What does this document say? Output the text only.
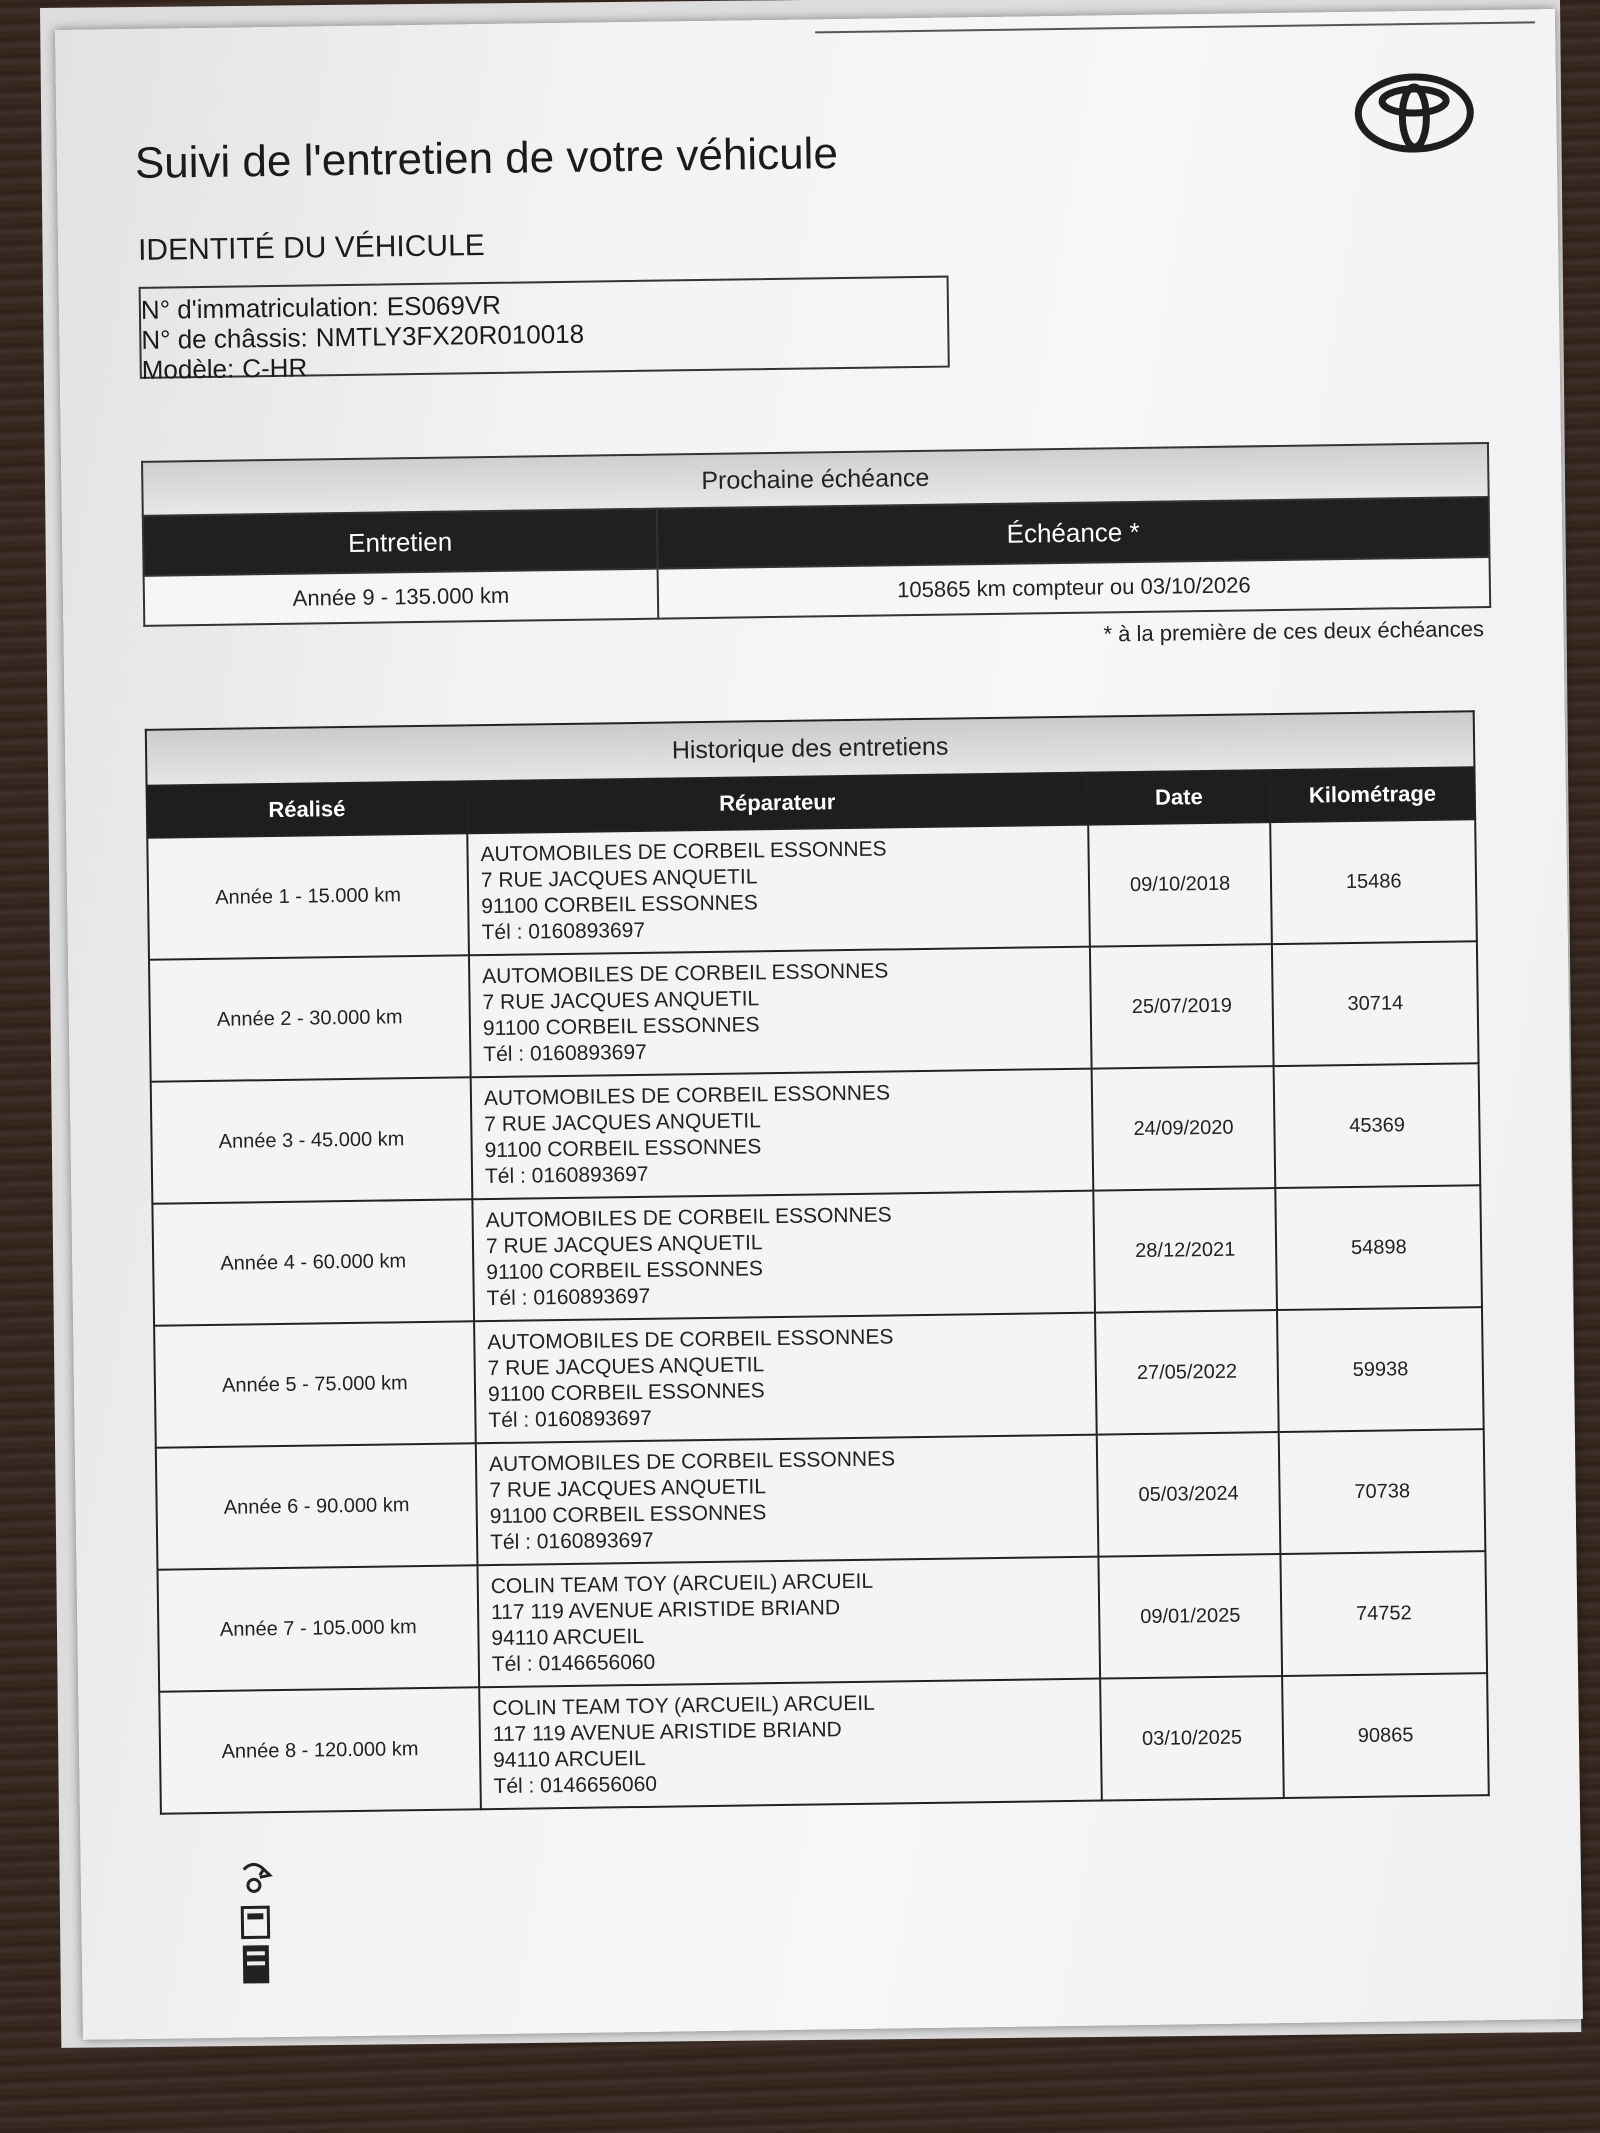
Suivi de l'entretien de votre véhicule
IDENTITÉ DU VÉHICULE
N° d'immatriculation: ES069VR
N° de châssis: NMTLY3FX20R010018
Modèle: C-HR
Prochaine échéance	
Entretien	Échéance *
Année 9 - 135.000 km	105865 km compteur ou 03/10/2026
* à la première de ces deux échéances
Historique des entretiens			
Réalisé	Réparateur	Date	Kilométrage
Année 1 - 15.000 km	AUTOMOBILES DE CORBEIL ESSONNES
7 RUE JACQUES ANQUETIL
91100 CORBEIL ESSONNES
Tél : 0160893697	09/10/2018	15486
Année 2 - 30.000 km	AUTOMOBILES DE CORBEIL ESSONNES
7 RUE JACQUES ANQUETIL
91100 CORBEIL ESSONNES
Tél : 0160893697	25/07/2019	30714
Année 3 - 45.000 km	AUTOMOBILES DE CORBEIL ESSONNES
7 RUE JACQUES ANQUETIL
91100 CORBEIL ESSONNES
Tél : 0160893697	24/09/2020	45369
Année 4 - 60.000 km	AUTOMOBILES DE CORBEIL ESSONNES
7 RUE JACQUES ANQUETIL
91100 CORBEIL ESSONNES
Tél : 0160893697	28/12/2021	54898
Année 5 - 75.000 km	AUTOMOBILES DE CORBEIL ESSONNES
7 RUE JACQUES ANQUETIL
91100 CORBEIL ESSONNES
Tél : 0160893697	27/05/2022	59938
Année 6 - 90.000 km	AUTOMOBILES DE CORBEIL ESSONNES
7 RUE JACQUES ANQUETIL
91100 CORBEIL ESSONNES
Tél : 0160893697	05/03/2024	70738
Année 7 - 105.000 km	COLIN TEAM TOY (ARCUEIL) ARCUEIL
117 119 AVENUE ARISTIDE BRIAND
94110 ARCUEIL
Tél : 0146656060	09/01/2025	74752
Année 8 - 120.000 km	COLIN TEAM TOY (ARCUEIL) ARCUEIL
117 119 AVENUE ARISTIDE BRIAND
94110 ARCUEIL
Tél : 0146656060	03/10/2025	90865
